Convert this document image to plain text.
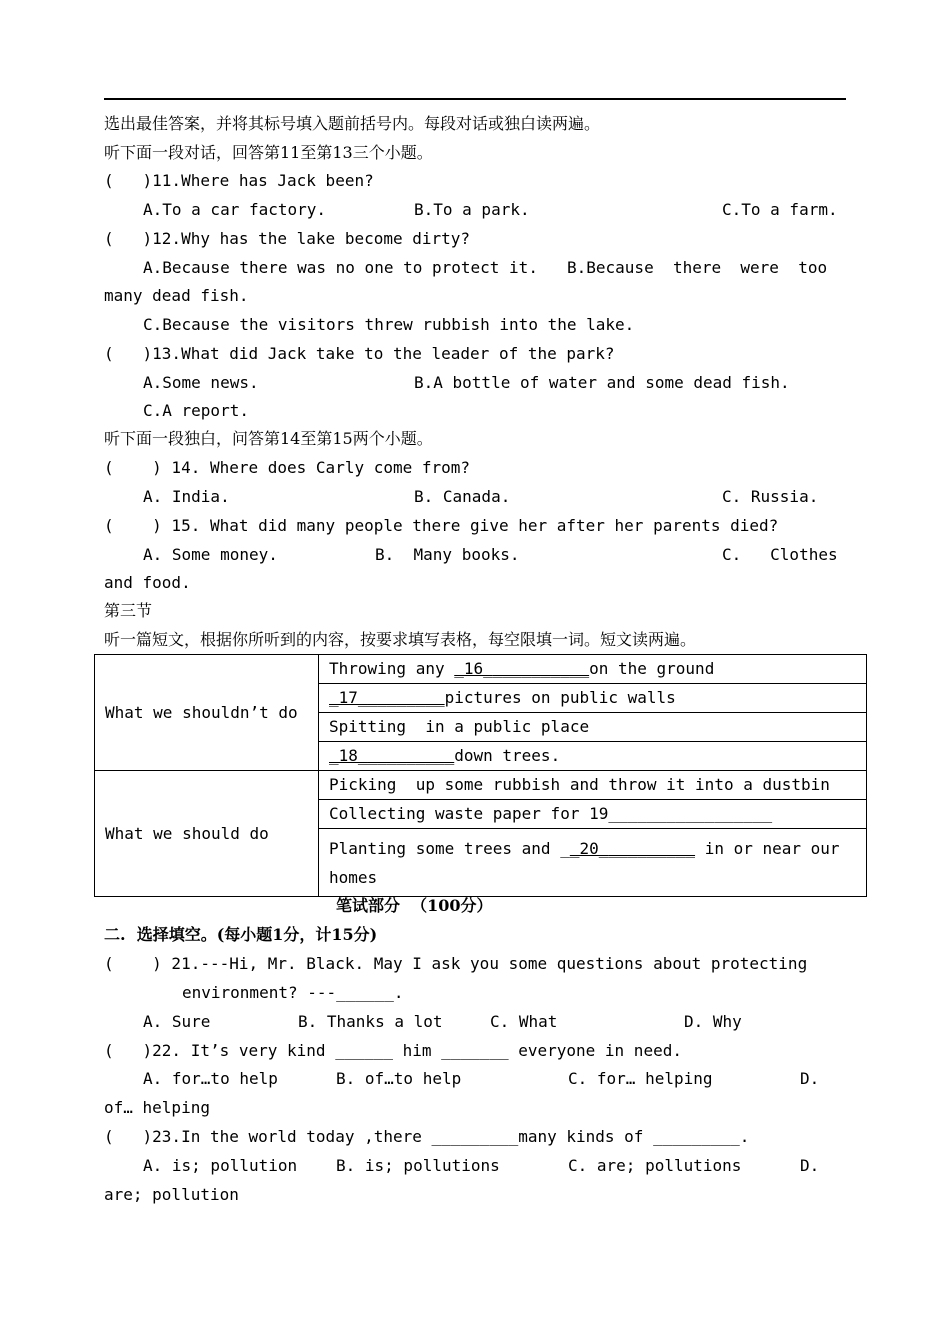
选出最佳答案，并将其标号填入题前括号内。每段对话或独白读两遍。
听下面一段对话，回答第11至第13三个小题。
(   )11.Where has Jack been?
A.To a car factory.	B.To a park.	C.To a farm.
(   )12.Why has the lake become dirty?
A.Because there was no one to protect it. B.Because  there  were  too
many dead fish.
C.Because the visitors threw rubbish into the lake.
(   )13.What did Jack take to the leader of the park?
A.Some news.	B.A bottle of water and some dead fish.
C.A report.
听下面一段独白，问答第14至第15两个小题。
(    ) 14. Where does Carly come from?
A. India.	B. Canada.	C. Russia.
(    ) 15. What did many people there give her after her parents died?
A. Some money.	B.  Many books.	C.   Clothes
and food.
第三节
听一篇短文，根据你所听到的内容，按要求填写表格，每空限填一词。短文读两遍。
What we shouldn’t do	Throwing any _16___________on the ground
	_17_________pictures on public walls
	Spitting  in a public place
	_18__________down trees.
What we should do	Picking  up some rubbish and throw it into a dustbin
	Collecting waste paper for 19_________________

	Planting some trees and __20__________ in or near our
homes
笔试部分  （100分）
二.  选择填空。(每小题1分，计15分)
(    ) 21.---Hi, Mr. Black. May I ask you some questions about protecting
environment? ---______.
A. Sure	B. Thanks a lot	C. What	D. Why
(   )22. It’s very kind ______ him _______ everyone in need.
A. for…to help	B. of…to help	C. for… helping	D.
of… helping
(   )23.In the world today ,there _________many kinds of _________.
A. is; pollution B. is; pollutions	C. are; pollutions	D.
are; pollution
